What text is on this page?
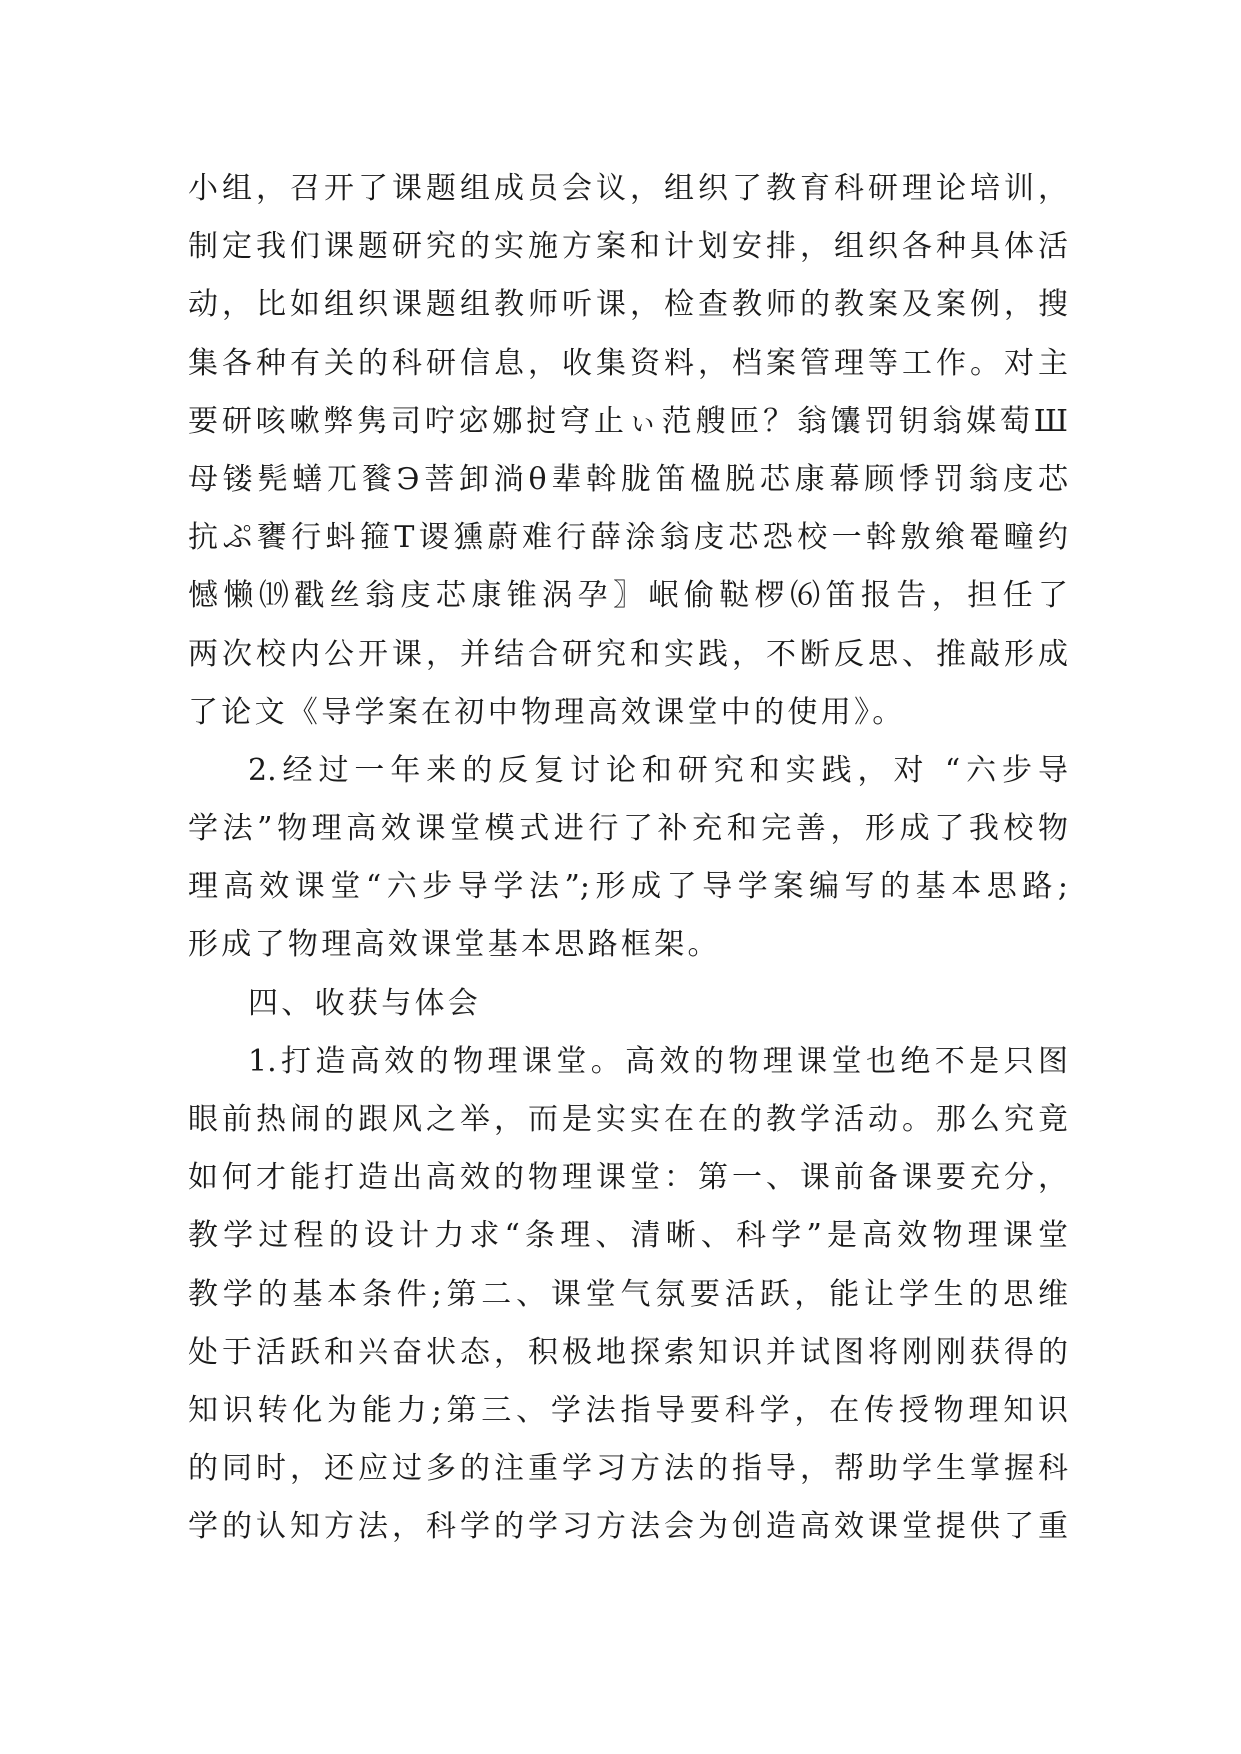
小组，召开了课题组成员会议，组织了教育科研理论培训，
制定我们课题研究的实施方案和计划安排，组织各种具体活
动，比如组织课题组教师听课，检查教师的教案及案例，搜
集各种有关的科研信息，收集资料，档案管理等工作。对主
要研咳嗽弊隽司咛宓娜挝穹止ぃ范艘匝？翁馕罚钥翁媒萄Ш
母镂髡蟮兀餮Э菩卸淌θ辈斡胧笛楹脱芯康幕顾悸罚翁庋芯
抗ぷ饔行蚪箍T谡獯蔚难行薛涂翁庋芯恐校一斡敫飨罨疃约
憾懒⒆戳丝翁庋芯康锥涡孕〗岷偷鞑椤⑹笛报告，担任了
两次校内公开课，并结合研究和实践，不断反思、推敲形成
了论文《导学案在初中物理高效课堂中的使用》。
2.经过一年来的反复讨论和研究和实践，对 “六步导
学法”物理高效课堂模式进行了补充和完善，形成了我校物
理高效课堂“六步导学法”;形成了导学案编写的基本思路;
形成了物理高效课堂基本思路框架。
四、收获与体会
1.打造高效的物理课堂。高效的物理课堂也绝不是只图
眼前热闹的跟风之举，而是实实在在的教学活动。那么究竟
如何才能打造出高效的物理课堂：第一、课前备课要充分，
教学过程的设计力求“条理、清晰、科学”是高效物理课堂
教学的基本条件;第二、课堂气氛要活跃，能让学生的思维
处于活跃和兴奋状态，积极地探索知识并试图将刚刚获得的
知识转化为能力;第三、学法指导要科学，在传授物理知识
的同时，还应过多的注重学习方法的指导，帮助学生掌握科
学的认知方法，科学的学习方法会为创造高效课堂提供了重
